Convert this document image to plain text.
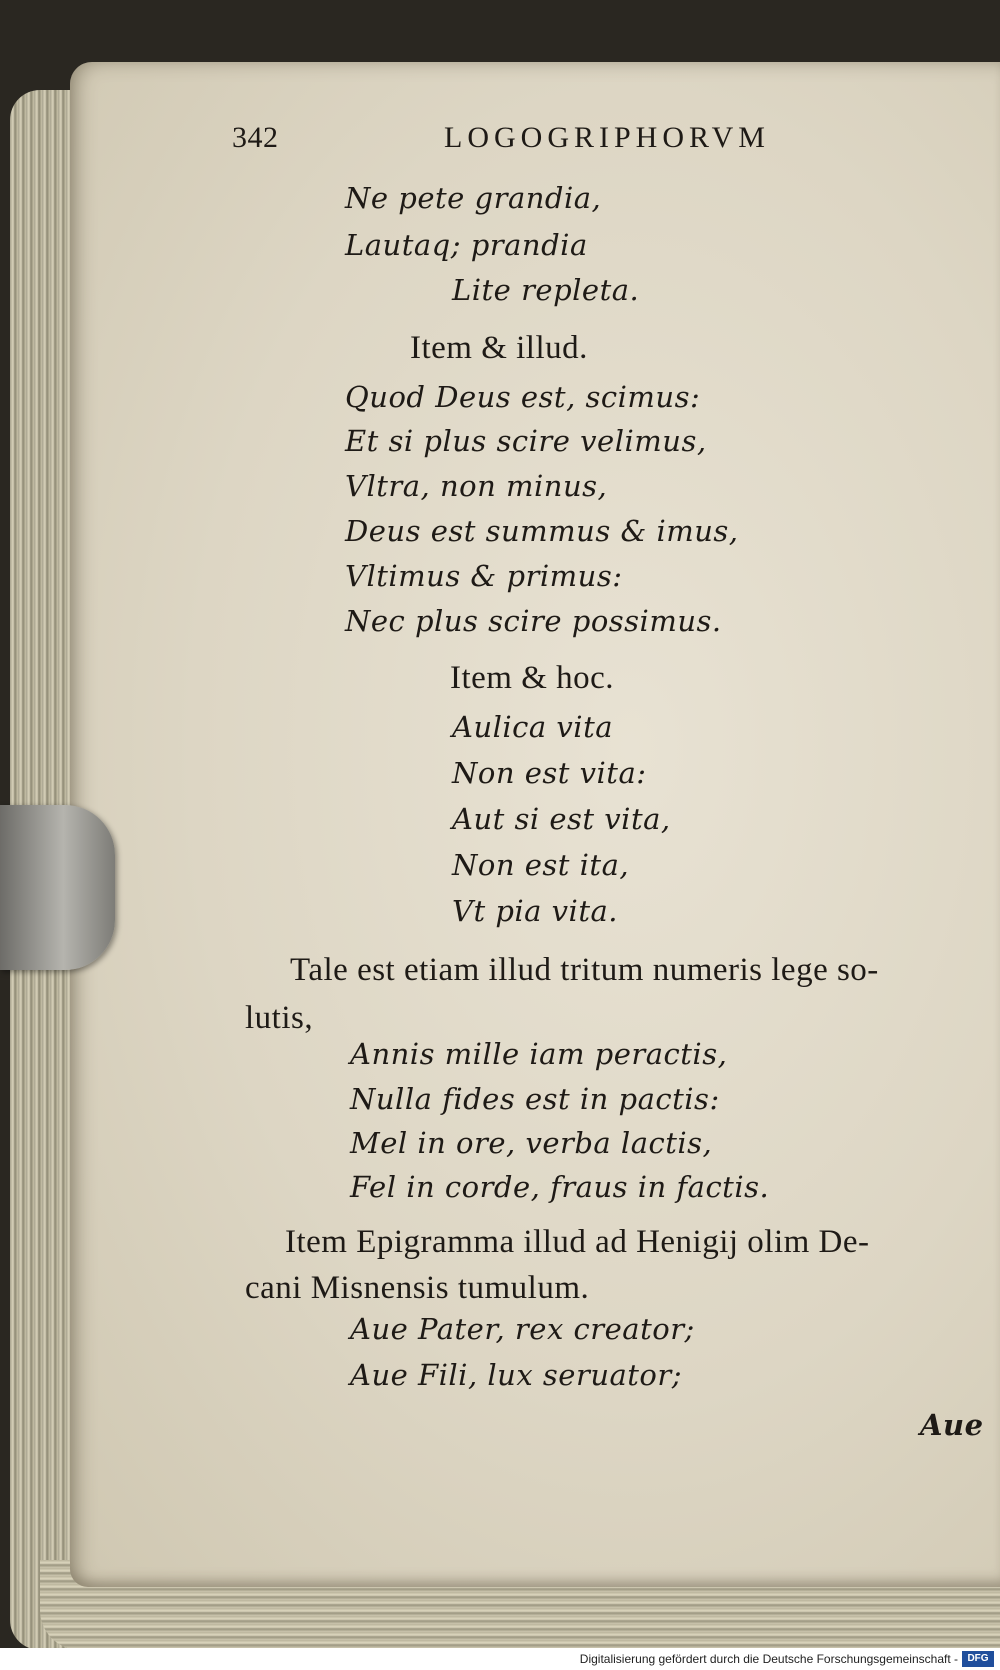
342	LOGOGRIPHORVM
Ne pete grandia,
Lautaq; prandia
Lite repleta.
Item & illud.
Quod Deus est, scimus:
Et si plus scire velimus,
Vltra, non minus,
Deus est summus & imus,
Vltimus & primus:
Nec plus scire possimus.
Item & hoc.
Aulica vita
Non est vita:
Aut si est vita,
Non est ita,
Vt pia vita.
Tale est etiam illud tritum numeris lege so-
lutis,
Annis mille iam peractis,
Nulla fides est in pactis:
Mel in ore, verba lactis,
Fel in corde, fraus in factis.
Item Epigramma illud ad Henigij olim De-
cani Misnensis tumulum.
Aue Pater, rex creator;
Aue Fili, lux seruator;
Aue
Digitalisierung gefördert durch die Deutsche Forschungsgemeinschaft - DFG
